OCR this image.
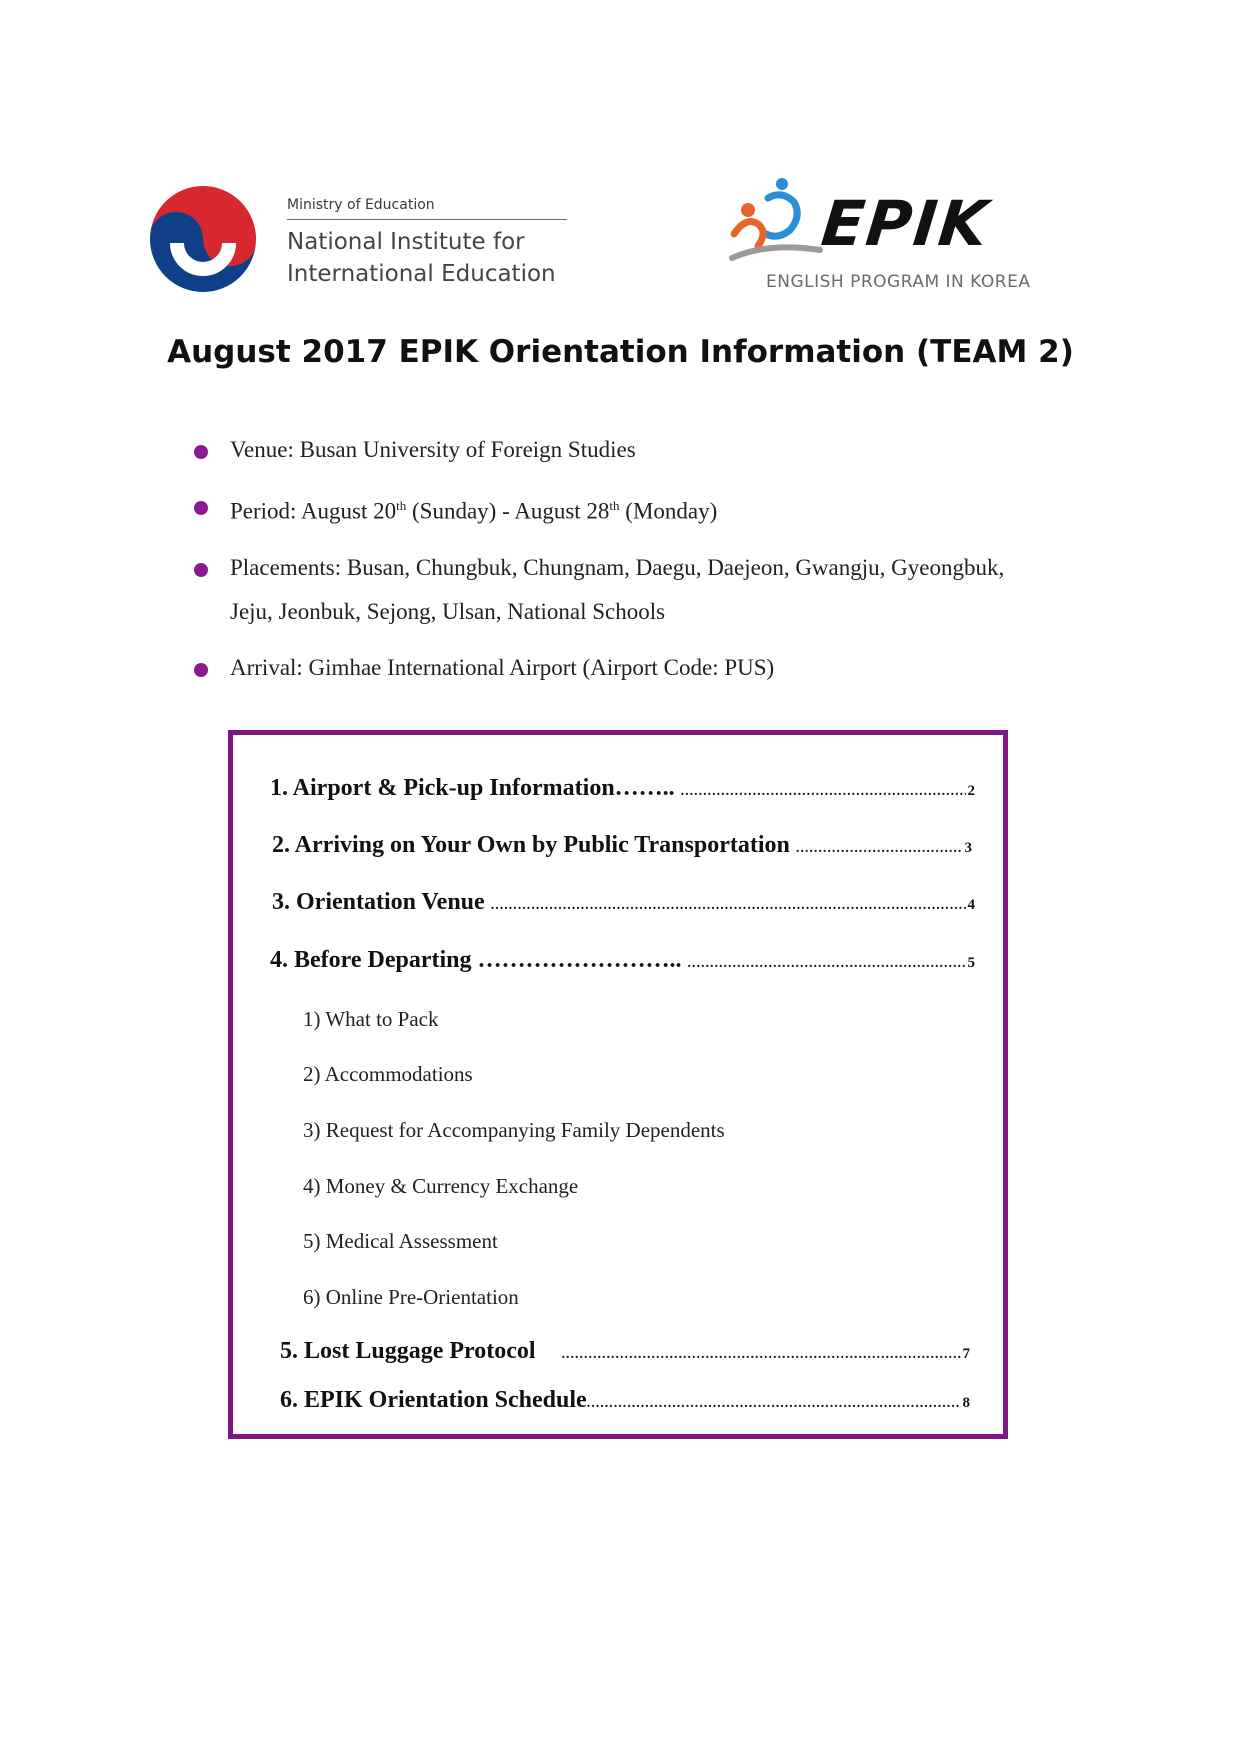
Ministry of Education
National Institute for
International Education
EPIK
ENGLISH PROGRAM IN KOREA
August 2017 EPIK Orientation Information (TEAM 2)
Venue: Busan University of Foreign Studies
Period: August 20th (Sunday) - August 28th (Monday)
Placements: Busan, Chungbuk, Chungnam, Daegu, Daejeon, Gwangju, Gyeongbuk,
Jeju, Jeonbuk, Sejong, Ulsan, National Schools
Arrival: Gimhae International Airport (Airport Code: PUS)
1. Airport & Pick-up Information…….. .....	2
2. Arriving on Your Own by Public Transportation .....	3
3. Orientation Venue .....	4
4. Before Departing …………………….. .....	5
1) What to Pack
2) Accommodations
3) Request for Accompanying Family Dependents
4) Money & Currency Exchange
5) Medical Assessment
6) Online Pre-Orientation
5. Lost Luggage Protocol .....	7
6. EPIK Orientation Schedule .....	8
